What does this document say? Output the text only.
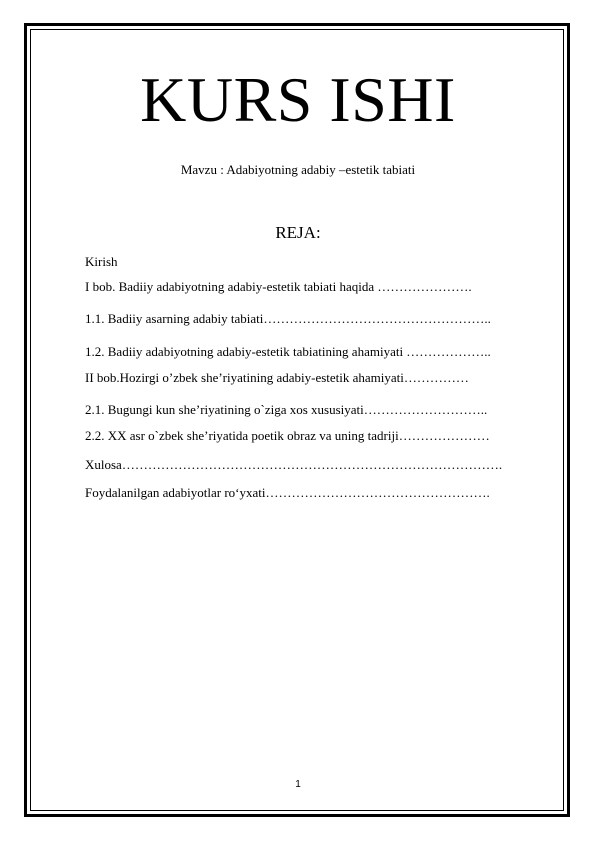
KURS ISHI
Mavzu : Adabiyotning adabiy –estetik tabiati
REJA:
Kirish
I bob. Badiiy adabiyotning adabiy-estetik tabiati haqida ………………….
1.1. Badiiy asarning adabiy tabiati……………………………………………..
1.2. Badiiy adabiyotning adabiy-estetik tabiatining ahamiyati ………………..
II bob.Hozirgi o’zbek she’riyatining adabiy-estetik ahamiyati……………
2.1. Bugungi kun she’riyatining o`ziga xos xususiyati………………………..
2.2. XX asr o`zbek she’riyatida poetik obraz va uning tadriji…………………
Xulosa…………………………………………………………………………….
Foydalanilgan adabiyotlar ro‘yxati…………………………………………….
1
